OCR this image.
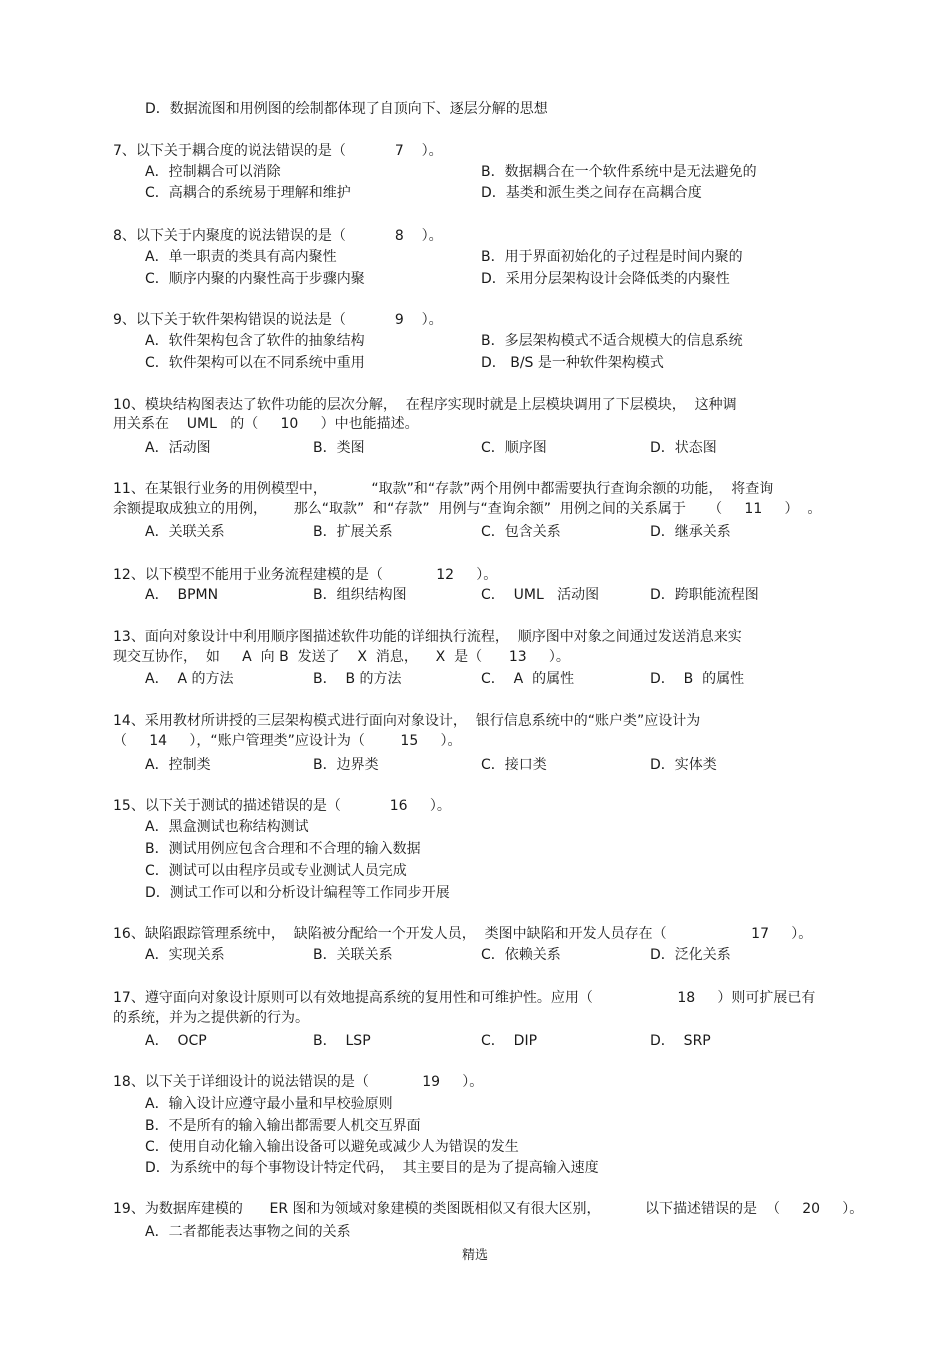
D．数据流图和用例图的绘制都体现了自顶向下、逐层分解的思想
7、以下关于耦合度的说法错误的是（           7    ）。
A．控制耦合可以消除	B．数据耦合在一个软件系统中是无法避免的
C．高耦合的系统易于理解和维护	D．基类和派生类之间存在高耦合度
8、以下关于内聚度的说法错误的是（           8    ）。
A．单一职责的类具有高内聚性	B．用于界面初始化的子过程是时间内聚的
C．顺序内聚的内聚性高于步骤内聚	D．采用分层架构设计会降低类的内聚性
9、以下关于软件架构错误的说法是（           9    ）。
A．软件架构包含了软件的抽象结构	B．多层架构模式不适合规模大的信息系统
C．软件架构可以在不同系统中重用	D． B/S 是一种软件架构模式
10、模块结构图表达了软件功能的层次分解，  在程序实现时就是上层模块调用了下层模块，  这种调
用关系在    UML   的（     10     ）中也能描述。
A．活动图	B．类图	C．顺序图	D．状态图
11、在某银行业务的用例模型中，          “取款”和“存款”两个用例中都需要执行查询余额的功能，  将查询
余额提取成独立的用例，      那么“取款”  和“存款”  用例与“查询余额”  用例之间的关系属于     （     11     ）  。
A．关联关系	B．扩展关系	C．包含关系	D．继承关系
12、以下模型不能用于业务流程建模的是（            12     ）。
A．  BPMN	B．组织结构图	C．  UML   活动图	D．跨职能流程图
13、面向对象设计中利用顺序图描述软件功能的详细执行流程，  顺序图中对象之间通过发送消息来实
现交互协作，  如     A  向 B  发送了    X  消息，    X  是（      13     ）。
A．  A 的方法	B．  B 的方法	C．  A  的属性	D．  B  的属性
14、采用教材所讲授的三层架构模式进行面向对象设计，  银行信息系统中的“账户类”应设计为
（     14     ），“账户管理类”应设计为（        15     ）。
A．控制类	B．边界类	C．接口类	D．实体类
15、以下关于测试的描述错误的是（           16     ）。
A．黑盒测试也称结构测试
B．测试用例应包含合理和不合理的输入数据
C．测试可以由程序员或专业测试人员完成
D．测试工作可以和分析设计编程等工作同步开展
16、缺陷跟踪管理系统中，  缺陷被分配给一个开发人员，  类图中缺陷和开发人员存在（                   17     ）。
A．实现关系	B．关联关系	C．依赖关系	D．泛化关系
17、遵守面向对象设计原则可以有效地提高系统的复用性和可维护性。应用（                   18     ）则可扩展已有
的系统，并为之提供新的行为。
A．  OCP	B．  LSP	C．  DIP	D．  SRP
18、以下关于详细设计的说法错误的是（            19     ）。
A．输入设计应遵守最小量和早校验原则
B．不是所有的输入输出都需要人机交互界面
C．使用自动化输入输出设备可以避免或减少人为错误的发生
D．为系统中的每个事物设计特定代码，  其主要目的是为了提高输入速度
19、为数据库建模的      ER 图和为领域对象建模的类图既相似又有很大区别，          以下描述错误的是  （     20     ）。
A．二者都能表达事物之间的关系
精选
